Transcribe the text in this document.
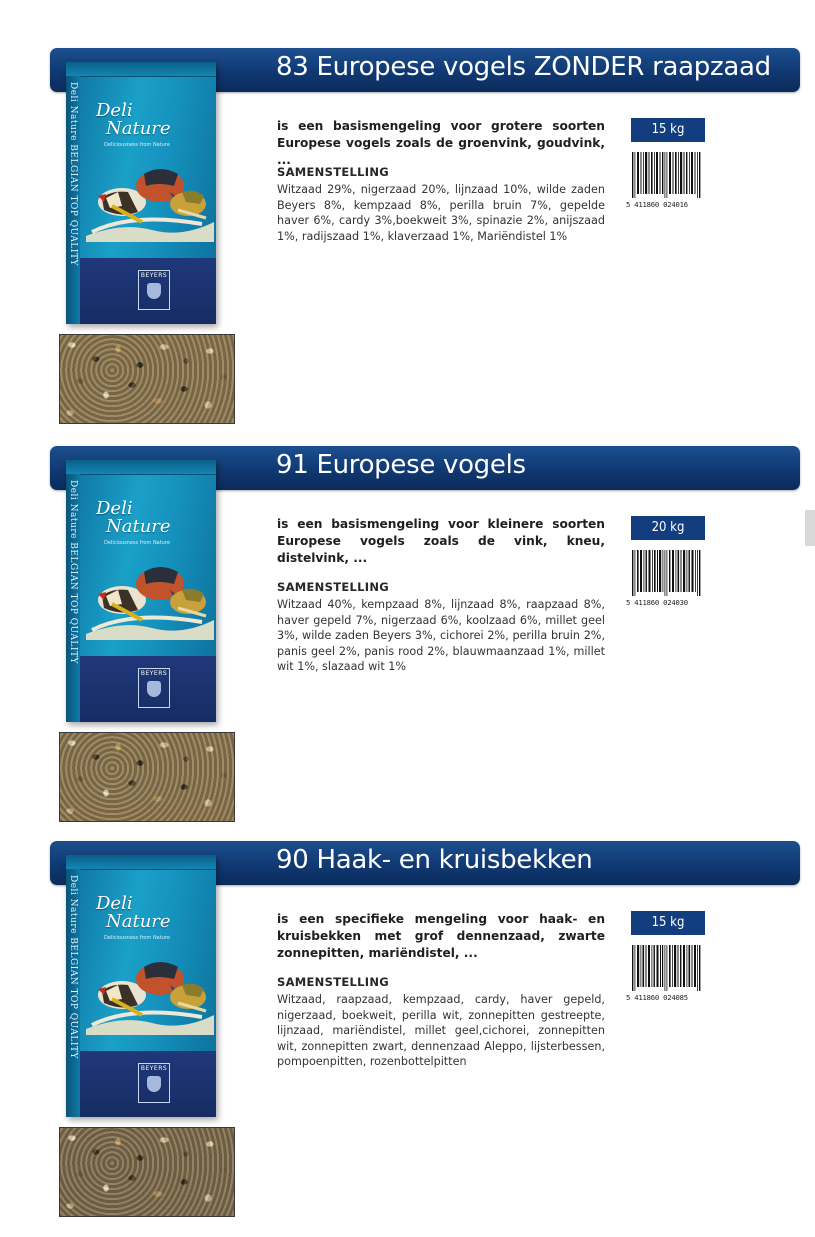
83 Europese vogels ZONDER raapzaad
Deli Nature BELGIAN TOP QUALITY Deli
Nature
Deliciousness from Nature
BEYERS
is een basismengeling voor grotere soorten Europese vogels zoals de groenvink, goudvink, ...
SAMENSTELLING
Witzaad 29%, nigerzaad 20%, lijnzaad 10%, wilde zaden Beyers 8%, kempzaad 8%, perilla bruin 7%, gepelde haver 6%, cardy 3%,boekweit 3%, spinazie 2%, anijszaad 1%, radijszaad 1%, klaverzaad 1%, Mariëndistel 1%
15 kg
5 411860 024016
91 Europese vogels
Deli Nature BELGIAN TOP QUALITY Deli
Nature
Deliciousness from Nature
BEYERS
is een basismengeling voor kleinere soorten Europese vogels zoals de vink, kneu, distelvink, ...
SAMENSTELLING
Witzaad 40%, kempzaad 8%, lijnzaad 8%, raapzaad 8%, haver gepeld 7%, nigerzaad 6%, koolzaad 6%, millet geel 3%, wilde zaden Beyers 3%, cichorei 2%, perilla bruin 2%, panis geel 2%, panis rood 2%, blauwmaanzaad 1%, millet wit 1%, slazaad wit 1%
20 kg
5 411860 024030
90 Haak- en kruisbekken
Deli Nature BELGIAN TOP QUALITY Deli
Nature
Deliciousness from Nature
BEYERS
is een specifieke mengeling voor haak- en kruisbekken met grof dennenzaad, zwarte zonnepitten, mariëndistel, ...
SAMENSTELLING
Witzaad, raapzaad, kempzaad, cardy, haver gepeld, nigerzaad, boekweit, perilla wit, zonnepitten gestreepte, lijnzaad, mariëndistel, millet geel,cichorei, zonnepitten wit, zonnepitten zwart, dennenzaad Aleppo, lijsterbessen, pompoenpitten, rozenbottelpitten
15 kg
5 411860 024085
